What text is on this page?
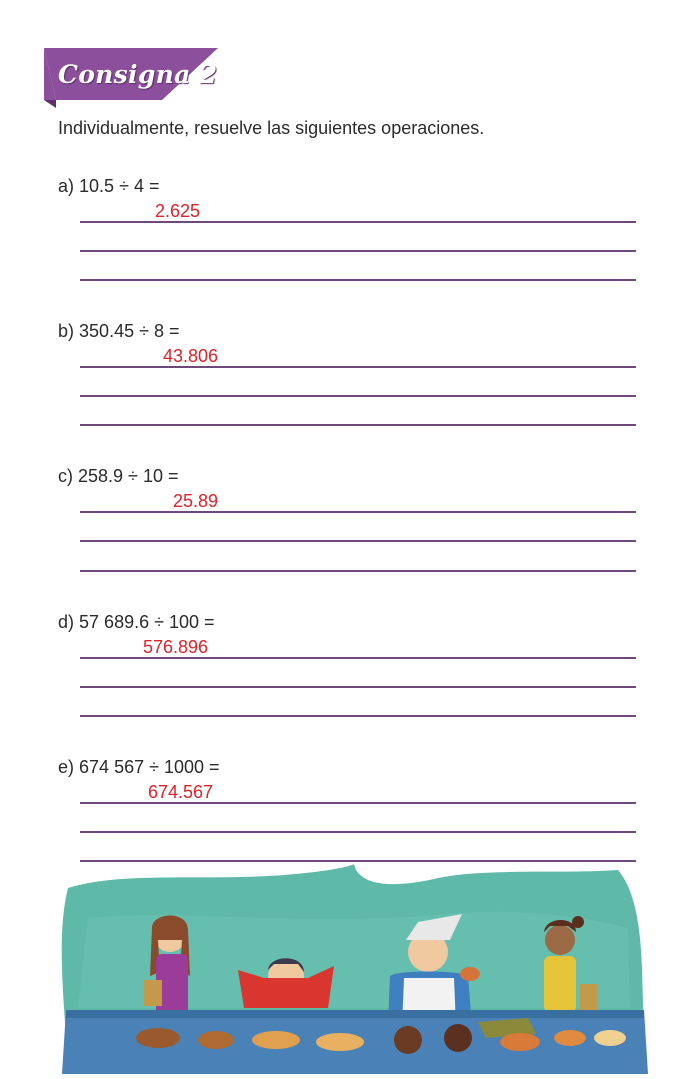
Consigna 2
Individualmente, resuelve las siguientes operaciones.
a) 10.5 ÷ 4 =
2.625
b) 350.45 ÷ 8 =
43.806
c) 258.9 ÷ 10 =
25.89
d) 57 689.6 ÷ 100 =
576.896
e) 674 567 ÷ 1000 =
674.567
